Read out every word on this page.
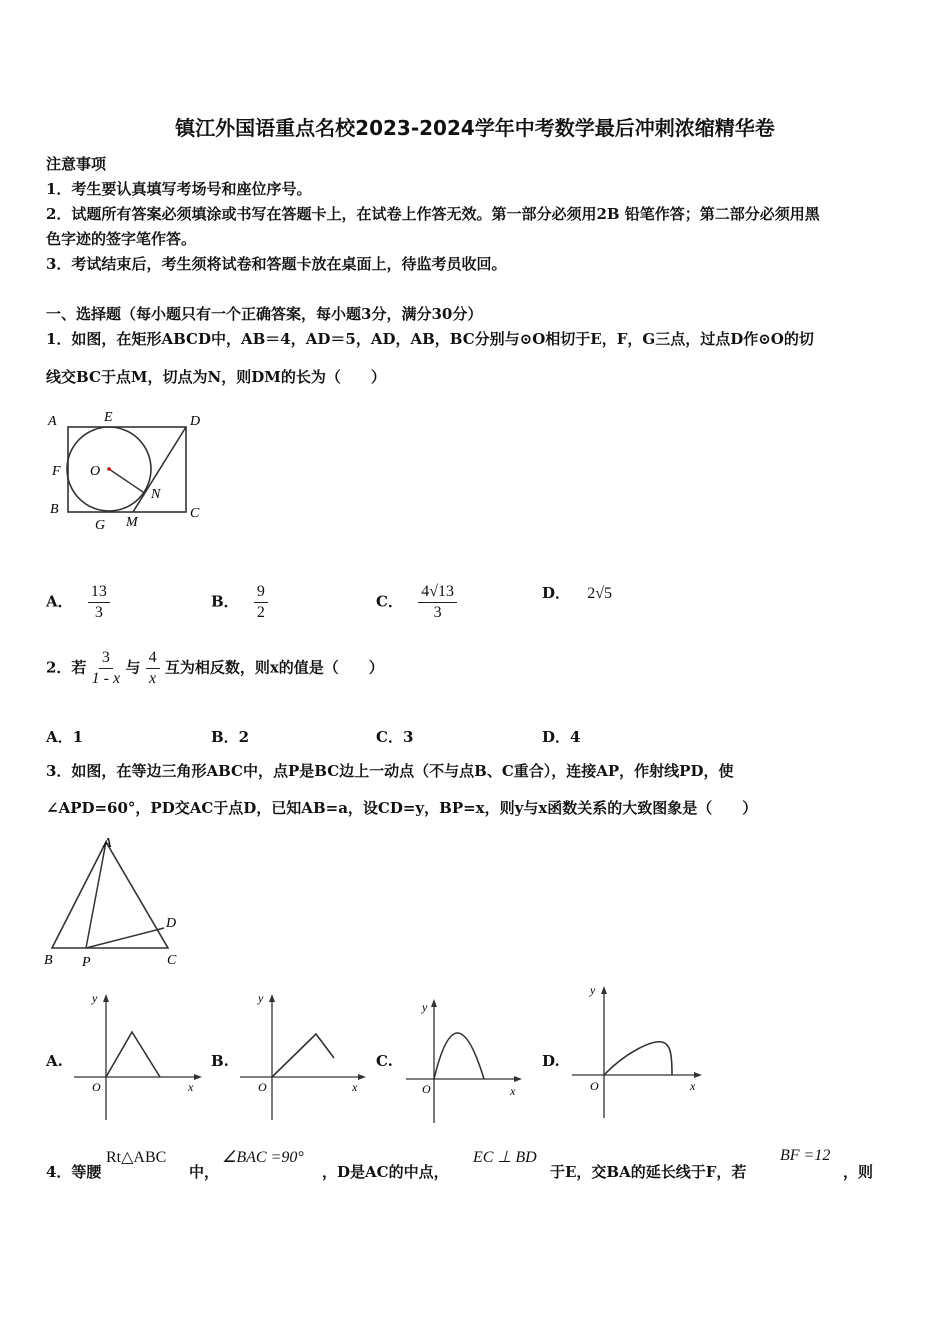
镇江外国语重点名校2023-2024学年中考数学最后冲刺浓缩精华卷
注意事项
1．考生要认真填写考场号和座位序号。
2．试题所有答案必须填涂或书写在答题卡上，在试卷上作答无效。第一部分必须用2B 铅笔作答；第二部分必须用黑
色字迹的签字笔作答。
3．考试结束后，考生须将试卷和答题卡放在桌面上，待监考员收回。
一、选择题（每小题只有一个正确答案，每小题3分，满分30分）
1．如图，在矩形ABCD中，AB＝4，AD＝5，AD，AB，BC分别与⊙O相切于E，F，G三点，过点D作⊙O的切
线交BC于点M，切点为N，则DM的长为（　　）
A	E	D
F O
N
B
G M
C
A． $\frac{13}{3}$	B． $\frac{9}{2}$	C． $\frac{4√13}{3}$	D． 2√5
2．若 $\frac{3}{1 - x}$ 与 $\frac{4}{x}$ 互为相反数，则x的值是（　　）
A．1	B．2	C．3	D．4
3．如图，在等边三角形ABC中，点P是BC边上一动点（不与点B、C重合），连接AP，作射线PD，使
∠APD=60°，PD交AC于点D，已知AB=a，设CD=y，BP=x，则y与x函数关系的大致图象是（　　）
A
B P	C
D
A.
y
x
O
B.
y
x
O
C.
y
x
O
D.
y
x
O
4．等腰
Rt△ABC
中，
∠BAC =90°
，D是AC的中点，
EC ⊥ BD
于E，交BA的延长线于F，若
BF =12
，则
